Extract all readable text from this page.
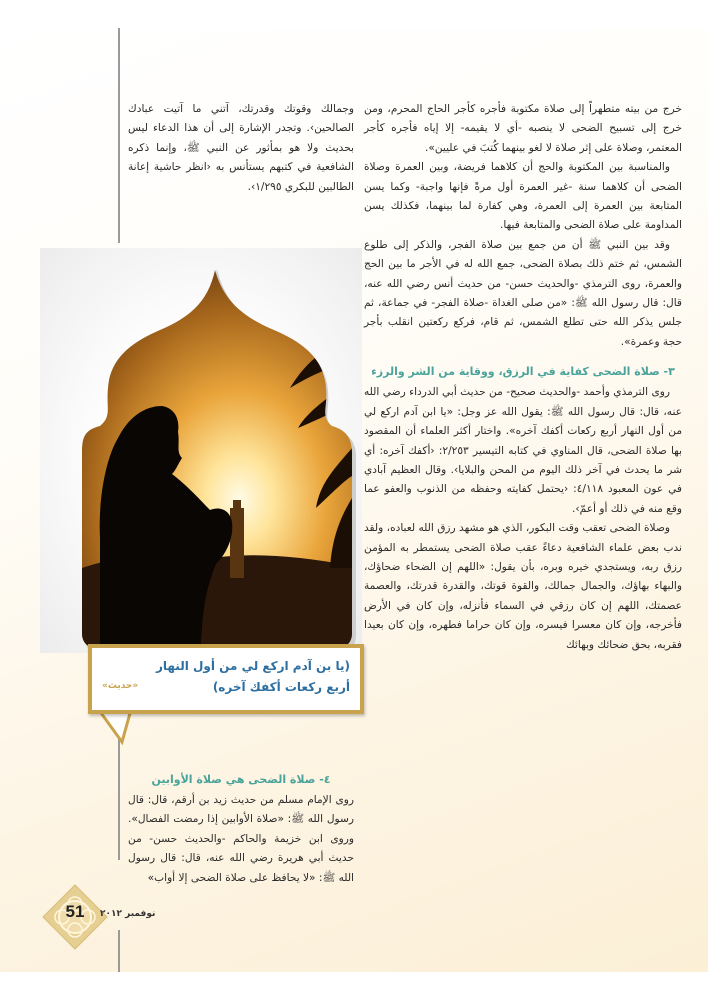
خرج من بيته متطهراً إلى صلاة مكتوبة فأجره كأجر الحاج المحرم، ومن خرج إلى تسبيح الضحى لا ينصبه -أي لا يقيمه- إلا إياه فأجره كأجر المعتمر، وصلاة على إثر صلاة لا لغو بينهما كُتبَ في عليين».

والمناسبة بين المكتوبة والحج أن كلاهما فريضة، وبين العمرة وصلاة الضحى أن كلاهما سنة -غير العمرة أول مرةً فإنها واجبة- وكما يسن المتابعة بين العمرة إلى العمرة، وهي كفارة لما بينهما، فكذلك يسن المداومة على صلاة الضحى والمتابعة فيها.

وقد بين النبي ﷺ أن من جمع بين صلاة الفجر، والذكر إلى طلوع الشمس، ثم ختم ذلك بصلاة الضحى، جمع الله له في الأجر ما بين الحج والعمرة، روى الترمذي -والحديث حسن- من حديث أنس رضي الله عنه، قال: قال رسول الله ﷺ: «من صلى الغداة -صلاة الفجر- في جماعة، ثم جلس يذكر الله حتى تطلع الشمس، ثم قام، فركع ركعتين انقلب بأجر حجة وعمرة».

٣- صلاة الضحى كفاية في الرزق، ووقاية من الشر والرزء

روى الترمذي وأحمد -والحديث صحيح- من حديث أبي الدرداء رضي الله عنه، قال: قال رسول الله ﷺ: يقول الله عز وجل: «يا ابن آدم اركع لي من أول النهار أربع ركعات أكفك آخره». واختار أكثر العلماء أن المقصود بها صلاة الضحى، قال المناوي في كتابه التيسير ٢/٢٥٣: ‹أكفك آخره: أي شر ما يحدث في آخر ذلك اليوم من المحن والبلايا›. وقال العظيم آبادي في عون المعبود ٤/١١٨: ‹يحتمل كفايته وحفظه من الذنوب والعفو عما وقع منه في ذلك أو أعمّ›.

وصلاة الضحى تعقب وقت البكور، الذي هو مشهد رزق الله لعباده، ولقد ندب بعض علماء الشافعية دعاءً عقب صلاة الضحى يستمطر به المؤمن رزق ربه، ويستجدي خيره وبره، بأن يقول: «اللهم إن الضحاء ضحاؤك، والبهاء بهاؤك، والجمال جمالك، والقوة قوتك، والقدرة قدرتك، والعصمة عصمتك، اللهم إن كان رزقي في السماء فأنزله، وإن كان في الأرض فأخرجه، وإن كان معسرا فيسره، وإن كان حراما فطهره، وإن كان بعيدا فقربه، بحق ضحائك وبهائك

وجمالك وقوتك وقدرتك، آتني ما آتيت عبادك الصالحين›. وتجدر الإشارة إلى أن هذا الدعاء ليس بحديث ولا هو بمأثور عن النبي ﷺ، وإنما ذكره الشافعية في كتبهم يستأنس به ‹انظر حاشية إعانة الطالبين للبكري ١/٢٩٥›.

(يا بن آدم اركع لي من أول النهار أربع ركعات أكفك آخره)
«حديث»
٤- صلاة الضحى هي صلاة الأوابين

روى الإمام مسلم من حديث زيد بن أرقم، قال: قال رسول الله ﷺ: «صلاة الأوابين إذا رمضت الفصال». وروى ابن خزيمة والحاكم -والحديث حسن- من حديث أبي هريرة رضي الله عنه، قال: قال رسول الله ﷺ: «لا يحافظ على صلاة الضحى إلا أواب»

51	نوفمبر ٢٠١٢
